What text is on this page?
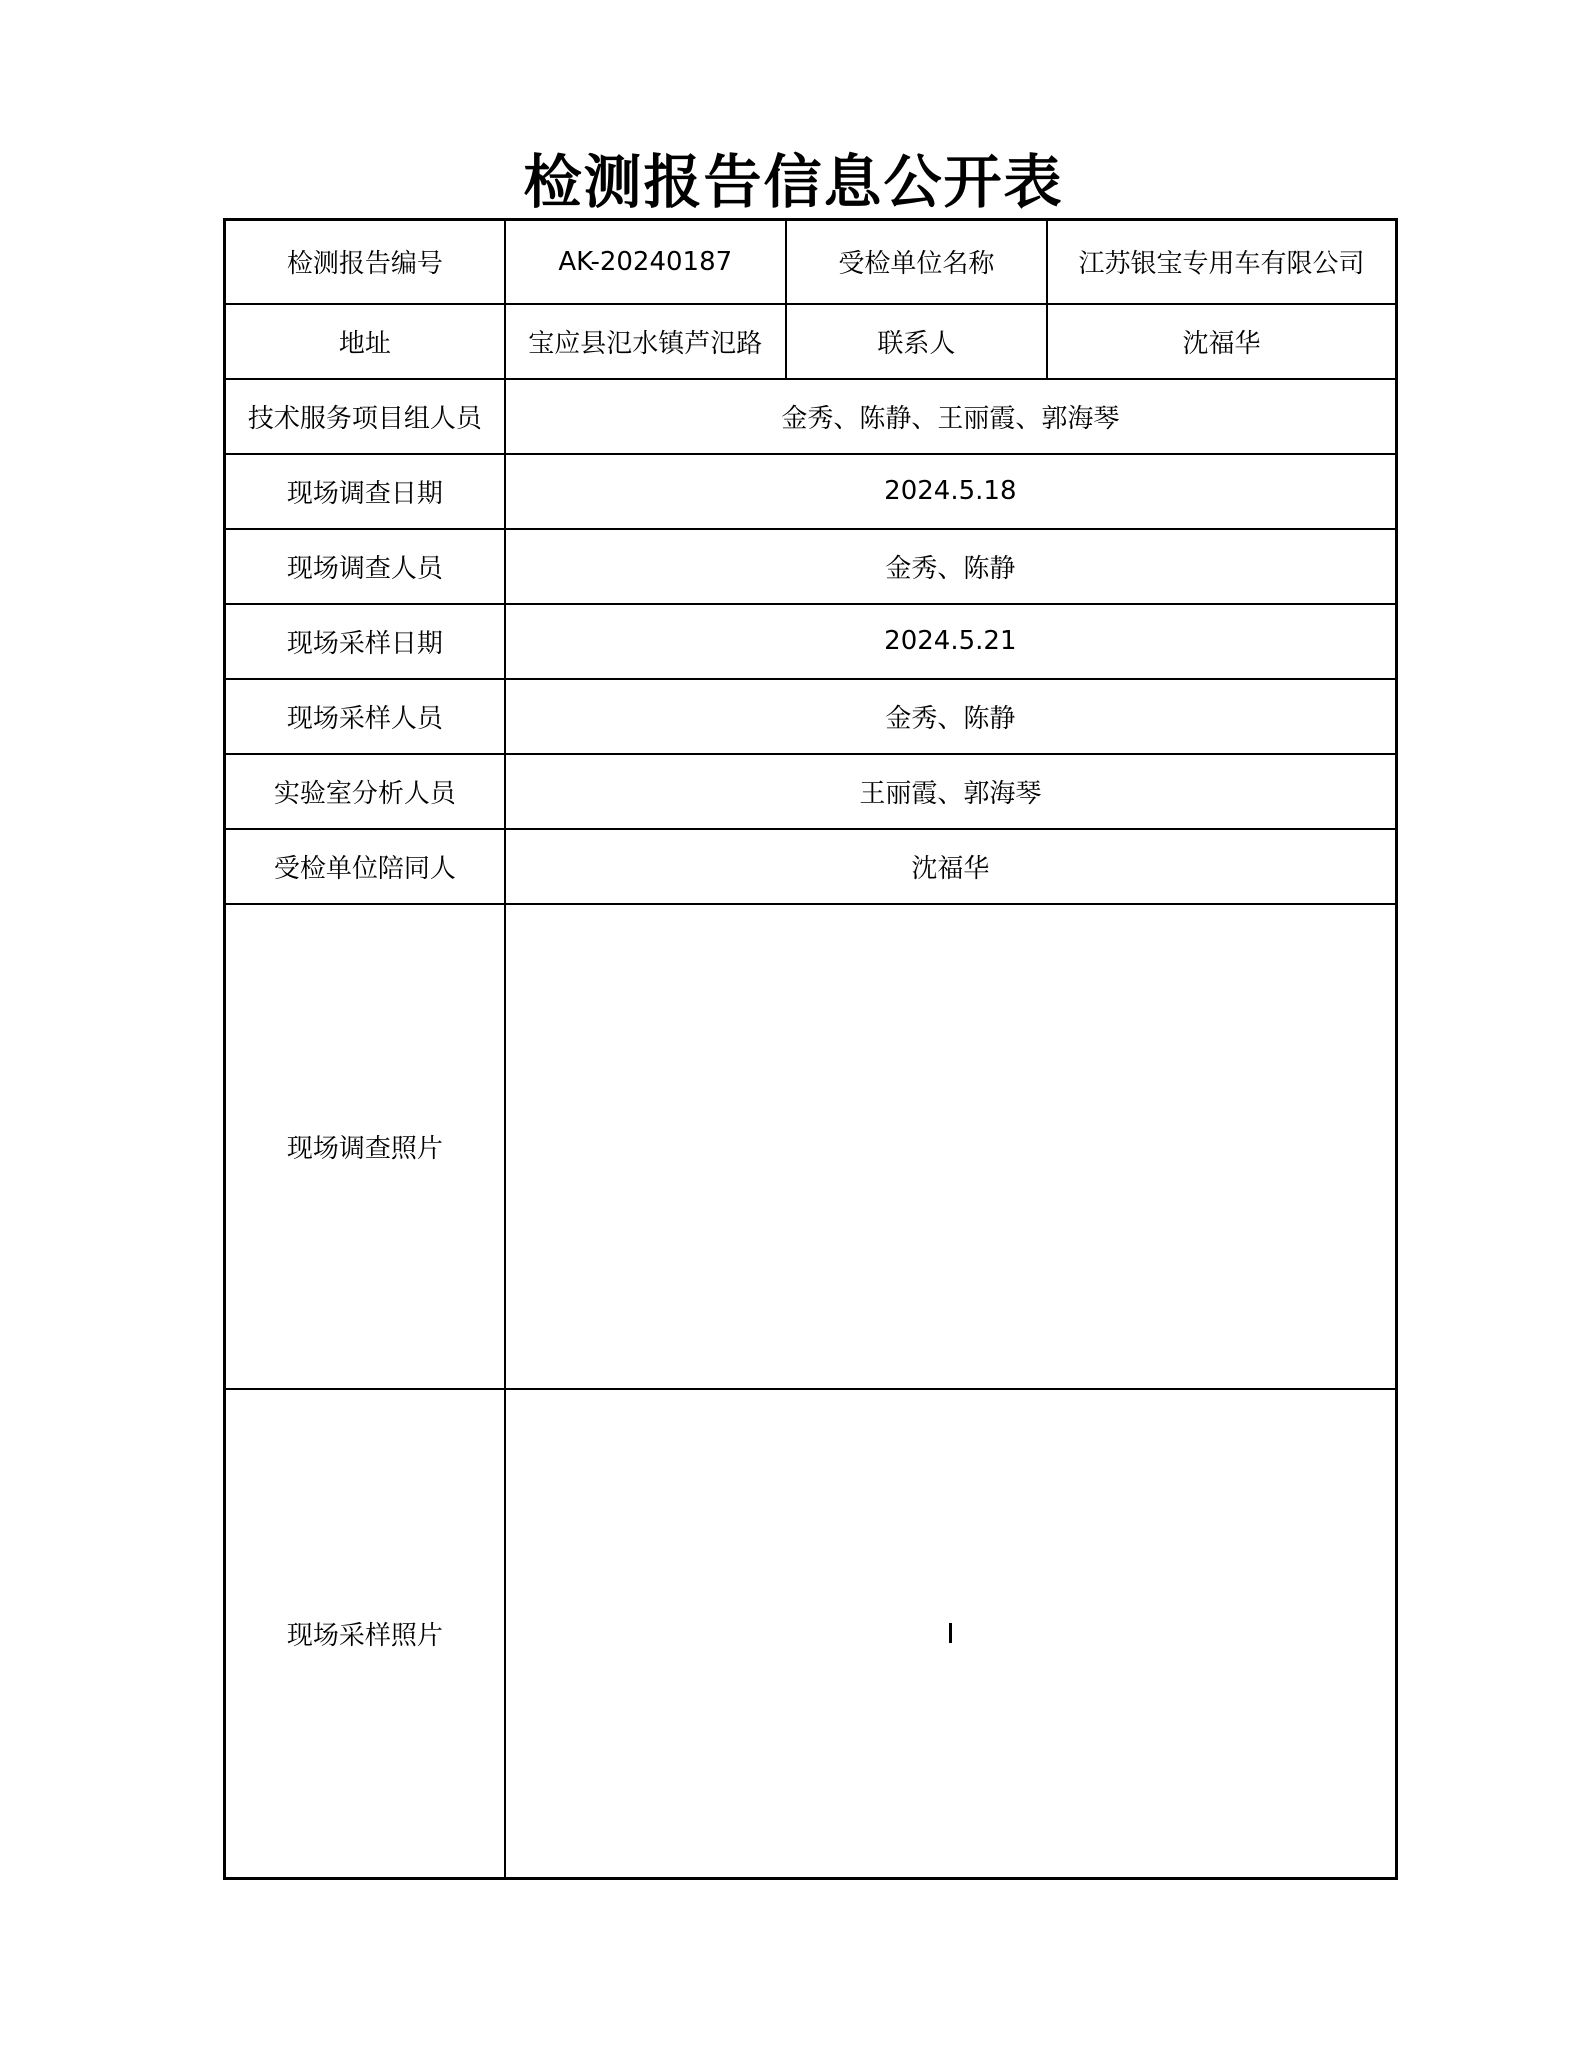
检测报告信息公开表
检测报告编号	AK-20240187	受检单位名称	江苏银宝专用车有限公司
地址	宝应县氾水镇芦氾路	联系人	沈福华
技术服务项目组人员	金秀、陈静、王丽霞、郭海琴		
现场调查日期	2024.5.18		
现场调查人员	金秀、陈静		
现场采样日期	2024.5.21		
现场采样人员	金秀、陈静		
实验室分析人员	王丽霞、郭海琴		
受检单位陪同人	沈福华		
现场调查照片	

现场采样照片			
